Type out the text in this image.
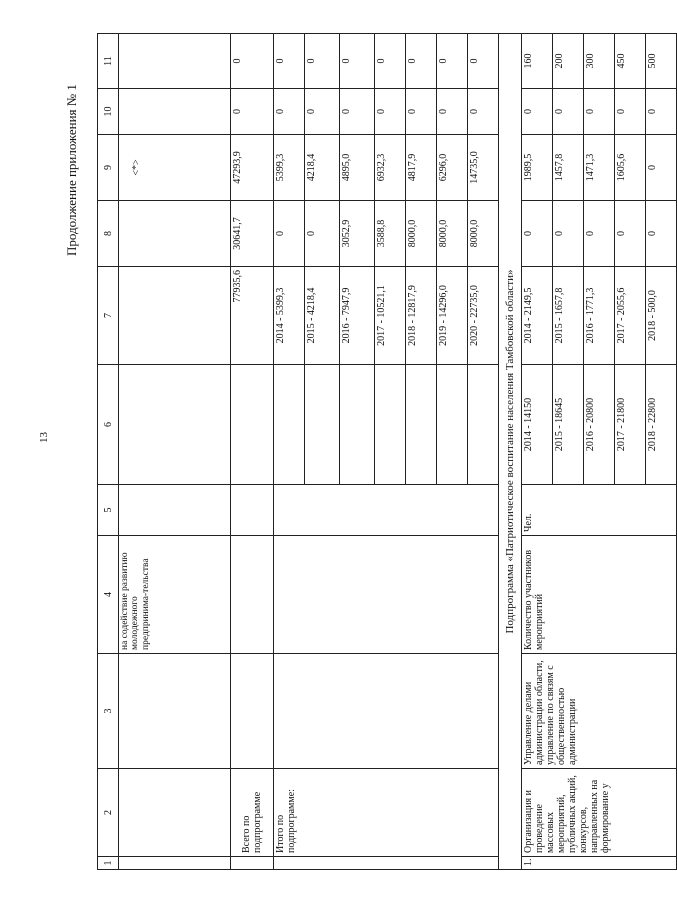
13
Продолжение приложения № 1
1	2	3	4	5	6	7	8	9	10	11
			на содействие развитию молодежного предпринима-тельства					<*>		
	Всего по подпрограмме					77935,6	30641,7	47293,9	0	0
	Итого по подпрограмме:					2014 - 5399,3	0	5399,3	0	0
						2015 - 4218,4	0	4218,4	0	0
						2016 - 7947,9	3052,9	4895,0	0	0
						2017 - 10521,1	3588,8	6932,3	0	0
						2018 - 12817,9	8000,0	4817,9	0	0
						2019 - 14296,0	8000,0	6296,0	0	0
						2020 - 22735,0	8000,0	14735,0	0	0
Подпрограмма «Патриотическое воспитание населения Тамбовской области»										
1.	Организация и проведение массовых мероприятий, публичных акций, конкурсов, направленных на формирование у	Управление делами администрации области, управление по связям с общественностью администрации	Количество участников мероприятий	Чел.	2014 - 14150	2014 - 2149,5	0	1989,5	0	160
					2015 - 18645	2015 - 1657,8	0	1457,8	0	200
					2016 - 20800	2016 - 1771,3	0	1471,3	0	300
					2017 - 21800	2017 - 2055,6	0	1605,6	0	450
					2018 - 22800	2018 - 500,0	0	0	0	500
